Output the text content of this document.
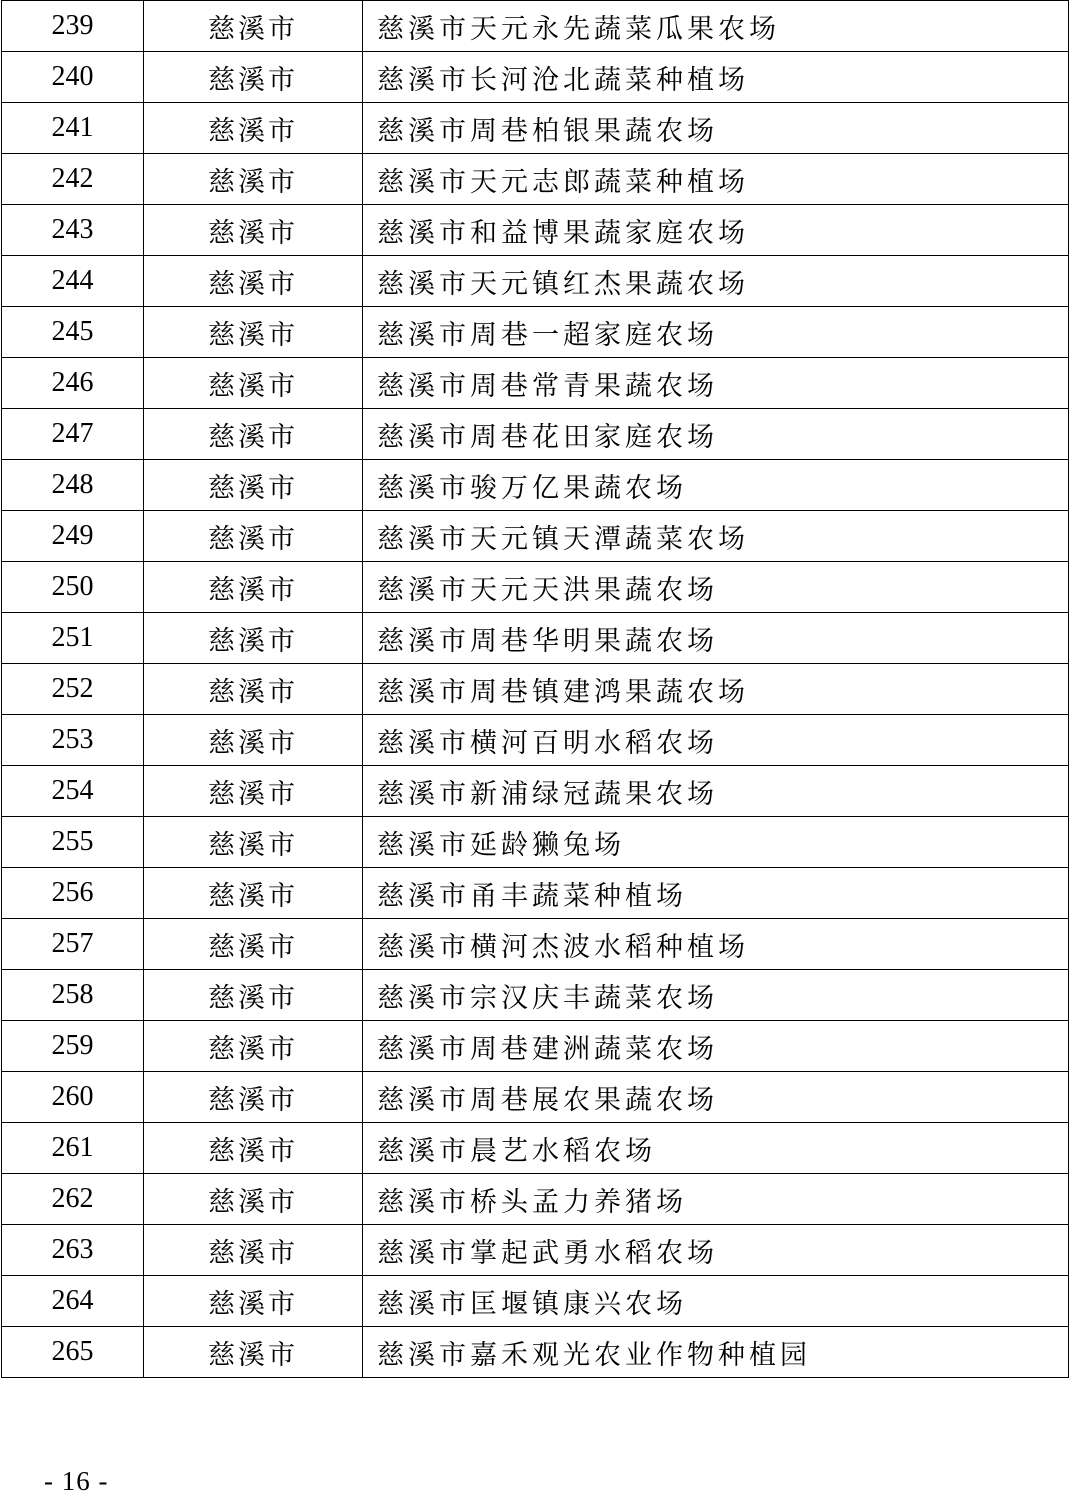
239	慈溪市	慈溪市天元永先蔬菜瓜果农场
240	慈溪市	慈溪市长河沧北蔬菜种植场
241	慈溪市	慈溪市周巷柏银果蔬农场
242	慈溪市	慈溪市天元志郎蔬菜种植场
243	慈溪市	慈溪市和益博果蔬家庭农场
244	慈溪市	慈溪市天元镇红杰果蔬农场
245	慈溪市	慈溪市周巷一超家庭农场
246	慈溪市	慈溪市周巷常青果蔬农场
247	慈溪市	慈溪市周巷花田家庭农场
248	慈溪市	慈溪市骏万亿果蔬农场
249	慈溪市	慈溪市天元镇天潭蔬菜农场
250	慈溪市	慈溪市天元天洪果蔬农场
251	慈溪市	慈溪市周巷华明果蔬农场
252	慈溪市	慈溪市周巷镇建鸿果蔬农场
253	慈溪市	慈溪市横河百明水稻农场
254	慈溪市	慈溪市新浦绿冠蔬果农场
255	慈溪市	慈溪市延龄獭兔场
256	慈溪市	慈溪市甬丰蔬菜种植场
257	慈溪市	慈溪市横河杰波水稻种植场
258	慈溪市	慈溪市宗汉庆丰蔬菜农场
259	慈溪市	慈溪市周巷建洲蔬菜农场
260	慈溪市	慈溪市周巷展农果蔬农场
261	慈溪市	慈溪市晨艺水稻农场
262	慈溪市	慈溪市桥头孟力养猪场
263	慈溪市	慈溪市掌起武勇水稻农场
264	慈溪市	慈溪市匡堰镇康兴农场
265	慈溪市	慈溪市嘉禾观光农业作物种植园
- 16 -
